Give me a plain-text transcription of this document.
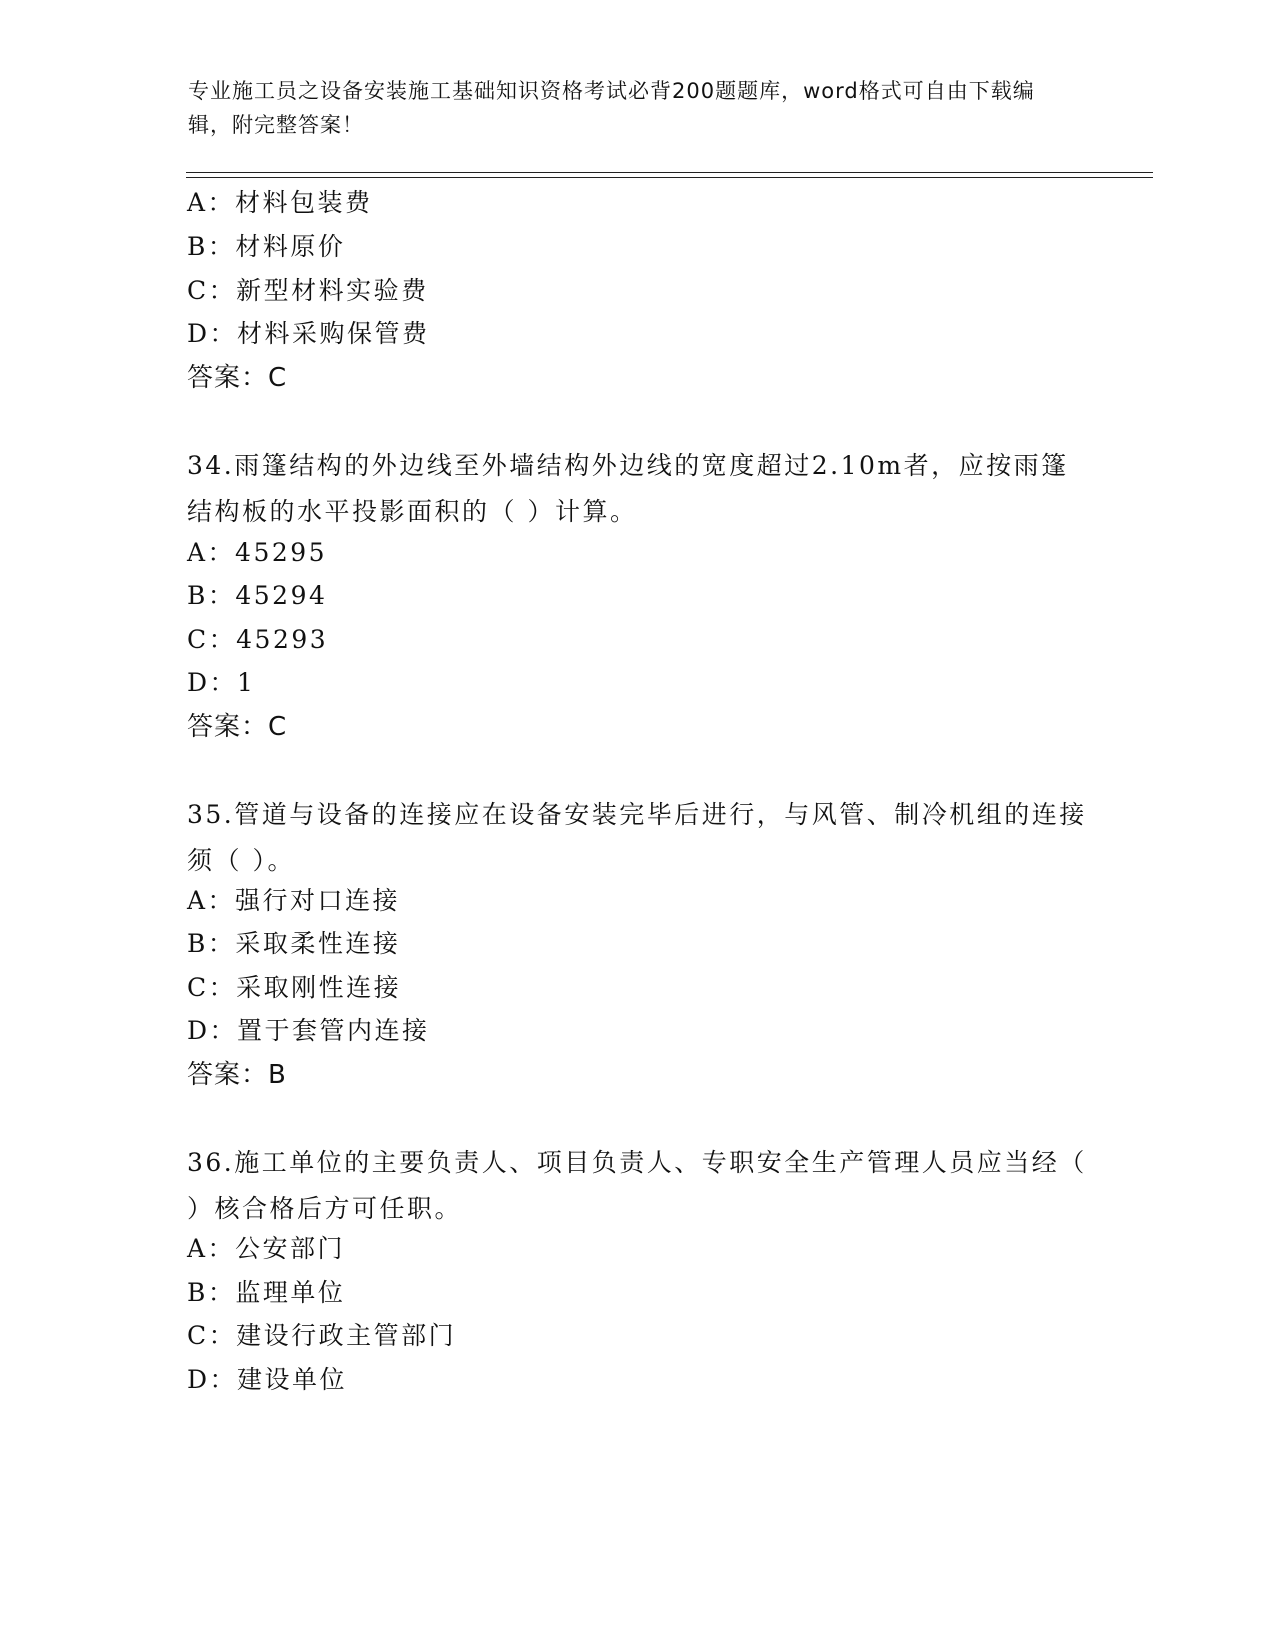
专业施工员之设备安装施工基础知识资格考试必背200题题库，word格式可自由下载编辑，附完整答案！
A：材料包装费
B：材料原价
C：新型材料实验费
D：材料采购保管费
答案：C
34.雨篷结构的外边线至外墙结构外边线的宽度超过2.10m者，应按雨篷结构板的水平投影面积的（ ）计算。
A：45295
B：45294
C：45293
D：1
答案：C
35.管道与设备的连接应在设备安装完毕后进行，与风管、制冷机组的连接须（ ）。
A：强行对口连接
B：采取柔性连接
C：采取刚性连接
D：置于套管内连接
答案：B
36.施工单位的主要负责人、项目负责人、专职安全生产管理人员应当经（ ）核合格后方可任职。
A：公安部门
B：监理单位
C：建设行政主管部门
D：建设单位
